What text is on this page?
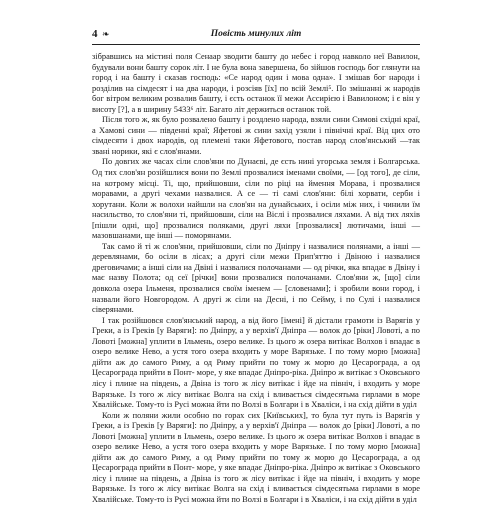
4 ❧	Повість минулих літ

зібравшись на містині поля Сенаар зводити башту до небес і город навколо неї Вавилон, будували вони башту сорок літ. І не була вона завершена, бо зійшов господь бог глянути на город і на башту і сказав господь: «Се народ один і мова одна». І змішав бог народи і розділив на сімдесят і на два народи, і розсіяв [їх] по всій Землі⁵. По змішанні ж народів бог вітром великим розвалив башту, і єсть останок її межи Ассирією і Вавилоном; і є він у висоту [?], а в ширину 5433⁶ літ. Багато літ держиться останок той.

Після того ж, як було розвалено башту і роздлено народа, взяли сини Симові східні краї, а Хамові сини — південні краї; Яфетові ж сини захід узяли і північні краї. Від цих ото сімдесяти і двох народів, од племені таки Яфетового, постав народ слов'янський —так звані норики, які є слов'янами.

По довгих же часах сіли слов'яни по Дунаєві, де єсть нині угорська земля і Болгарська. Од тих слов'ян розійшлися вони по Землі прозвалися іменами своїми, — [од того], де сіли, на котрому місці. Ті, що, прийшовши, сіли по ріці на ймення Морава, і прозвалися моравами, а другі чехами назвалися. А се — ті самі слов'яни: білі хорвати, серби і хорутани. Коли ж волохи найшли на слов'ян на дунайських, і осіли між них, і чинили їм насильство, то слов'яни ті, прийшовши, сіли на Віслі і прозвалися ляхами. А від тих ляхів [пішли одні, що] прозвалися поляками, другі ляхи [прозвалися] лютичами, інші — мазовшанами, ще інші — поморянами.

Так само й ті ж слов'яни, прийшовши, сіли по Дніпру і назвалися полянами, а інші — деревлянами, бо осіли в лісах; а другі сіли межи Прип'яттю і Двіною і назвалися дреговичами; а інші сіли на Двіні і назвалися полочанами — од річки, яка впадає в Двіну і має назву Полота; од сеї [річки] вони прозвалися полочанами. Слов'яни ж, [що] сіли довкола озера Ільменя, прозвалися своїм іменем — [словенами]; і зробили вони город, і назвали його Новгородом. А другі ж сіли на Десні, і по Сейму, і по Сулі і назвалися сіверянами.

І так розійшовся слов'янський народ, а від його [імені] й дістали грамоти із Варягів у Греки, а із Греків [у Варяги]: по Дніпру, а у верхів'ї Дніпра — волок до [ріки] Ловоті, а по Ловоті [можна] уплити в Ільмень, озеро велике. Із цього ж озера витікає Волхов і впадає в озеро велике Нево, а устя того озера входить у море Варязьке. І по тому морю [можна] дійти аж до самого Риму, а од Риму прийти по тому ж морю до Цесарограда, а од Цесарограда прийти в Понт- море, у яке впадає Дніпро-ріка. Дніпро ж витікає з Оковського лісу і плине на південь, а Двіна із того ж лісу витікає і йде на північ, і входить у море Варязьке. Із того ж лісу витікає Волга на схід і вливається сімдесятьма гирлами в море Хвалійське. Тому-то із Русі можна йти по Волзі в Болгари і в Хваліси, і на схід дійти в уділ

Коли ж поляни жили особно по горах сих [Київських], то була тут путь із Варягів у Греки, а із Греків [у Варяги]: по Дніпру, а у верхів'ї Дніпра — волок до [ріки] Ловоті, а по Ловоті [можна] уплити в Ільмень, озеро велике. Із цього ж озера витікає Волхов і впадає в озеро велике Нево, а устя того озера входить у море Варязьке. І по тому морю [можна] дійти аж до самого Риму, а од Риму прийти по тому ж морю до Цесарограда, а од Цесарограда прийти в Понт- море, у яке впадає Дніпро-ріка. Дніпро ж витікає з Оковського лісу і плине на південь, а Двіна із того ж лісу витікає і йде на північ, і входить у море Варязьке. Із того ж лісу витікає Волга на схід і вливається сімдесятьма гирлами в море Хвалійське. Тому-то із Русі можна йти по Волзі в Болгари і в Хваліси, і на схід дійти в уділ
